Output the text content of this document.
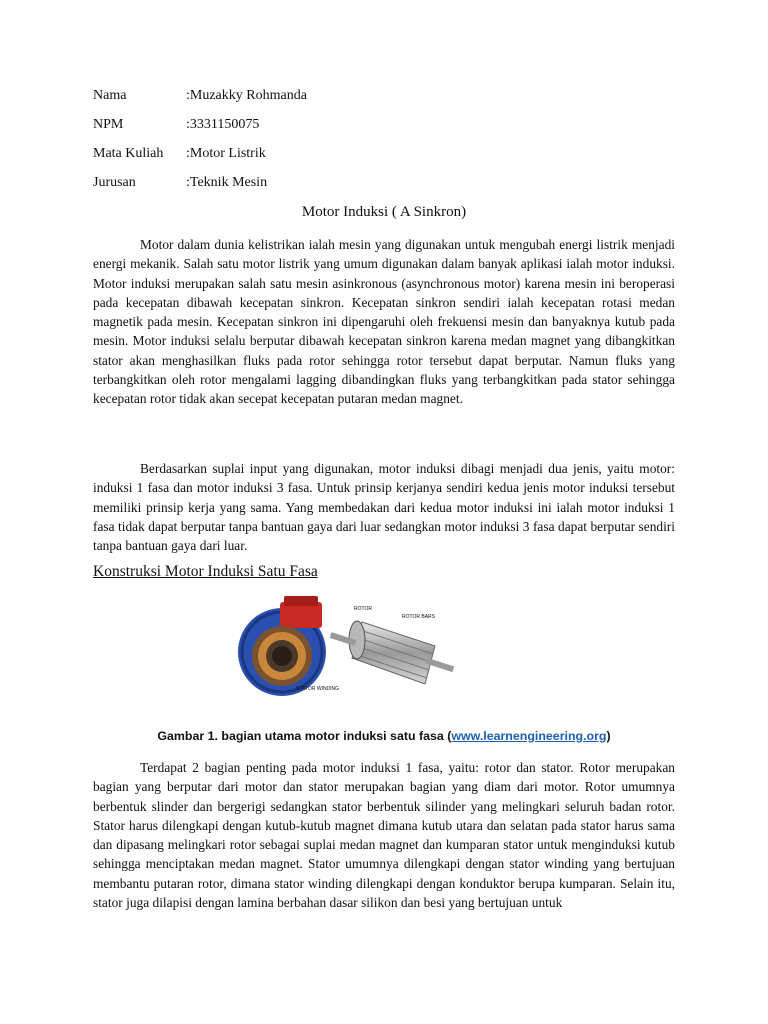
Nama	:Muzakky Rohmanda
NPM	:3331150075
Mata Kuliah	:Motor Listrik
Jurusan	:Teknik Mesin
Motor Induksi ( A Sinkron)

Motor dalam dunia kelistrikan ialah mesin yang digunakan untuk mengubah energi listrik menjadi energi mekanik. Salah satu motor listrik yang umum digunakan dalam banyak aplikasi ialah motor induksi. Motor induksi merupakan salah satu mesin asinkronous (asynchronous motor) karena mesin ini beroperasi pada kecepatan dibawah kecepatan sinkron. Kecepatan sinkron sendiri ialah kecepatan rotasi medan magnetik pada mesin. Kecepatan sinkron ini dipengaruhi oleh frekuensi mesin dan banyaknya kutub pada mesin. Motor induksi selalu berputar dibawah kecepatan sinkron karena medan magnet yang dibangkitkan stator akan menghasilkan fluks pada rotor sehingga rotor tersebut dapat berputar. Namun fluks yang terbangkitkan oleh rotor mengalami lagging dibandingkan fluks yang terbangkitkan pada stator sehingga kecepatan rotor tidak akan secepat kecepatan putaran medan magnet.

Berdasarkan suplai input yang digunakan, motor induksi dibagi menjadi dua jenis, yaitu motor: induksi 1 fasa dan motor induksi 3 fasa. Untuk prinsip kerjanya sendiri kedua jenis motor induksi tersebut memiliki prinsip kerja yang sama. Yang membedakan dari kedua motor induksi ini ialah motor induksi 1 fasa tidak dapat berputar tanpa bantuan gaya dari luar sedangkan motor induksi 3 fasa dapat berputar sendiri tanpa bantuan gaya dari luar.

Konstruksi Motor Induksi Satu Fasa
ROTOR
ROTOR BARS
STATOR WINDING
Gambar 1. bagian utama motor induksi satu fasa (www.learnengineering.org)

Terdapat 2 bagian penting pada motor induksi 1 fasa, yaitu: rotor dan stator. Rotor merupakan bagian yang berputar dari motor dan stator merupakan bagian yang diam dari motor. Rotor umumnya berbentuk slinder dan bergerigi sedangkan stator berbentuk silinder yang melingkari seluruh badan rotor. Stator harus dilengkapi dengan kutub-kutub magnet dimana kutub utara dan selatan pada stator harus sama dan dipasang melingkari rotor sebagai suplai medan magnet dan kumparan stator untuk menginduksi kutub sehingga menciptakan medan magnet. Stator umumnya dilengkapi dengan stator winding yang bertujuan membantu putaran rotor, dimana stator winding dilengkapi dengan konduktor berupa kumparan. Selain itu, stator juga dilapisi dengan lamina berbahan dasar silikon dan besi yang bertujuan untuk
